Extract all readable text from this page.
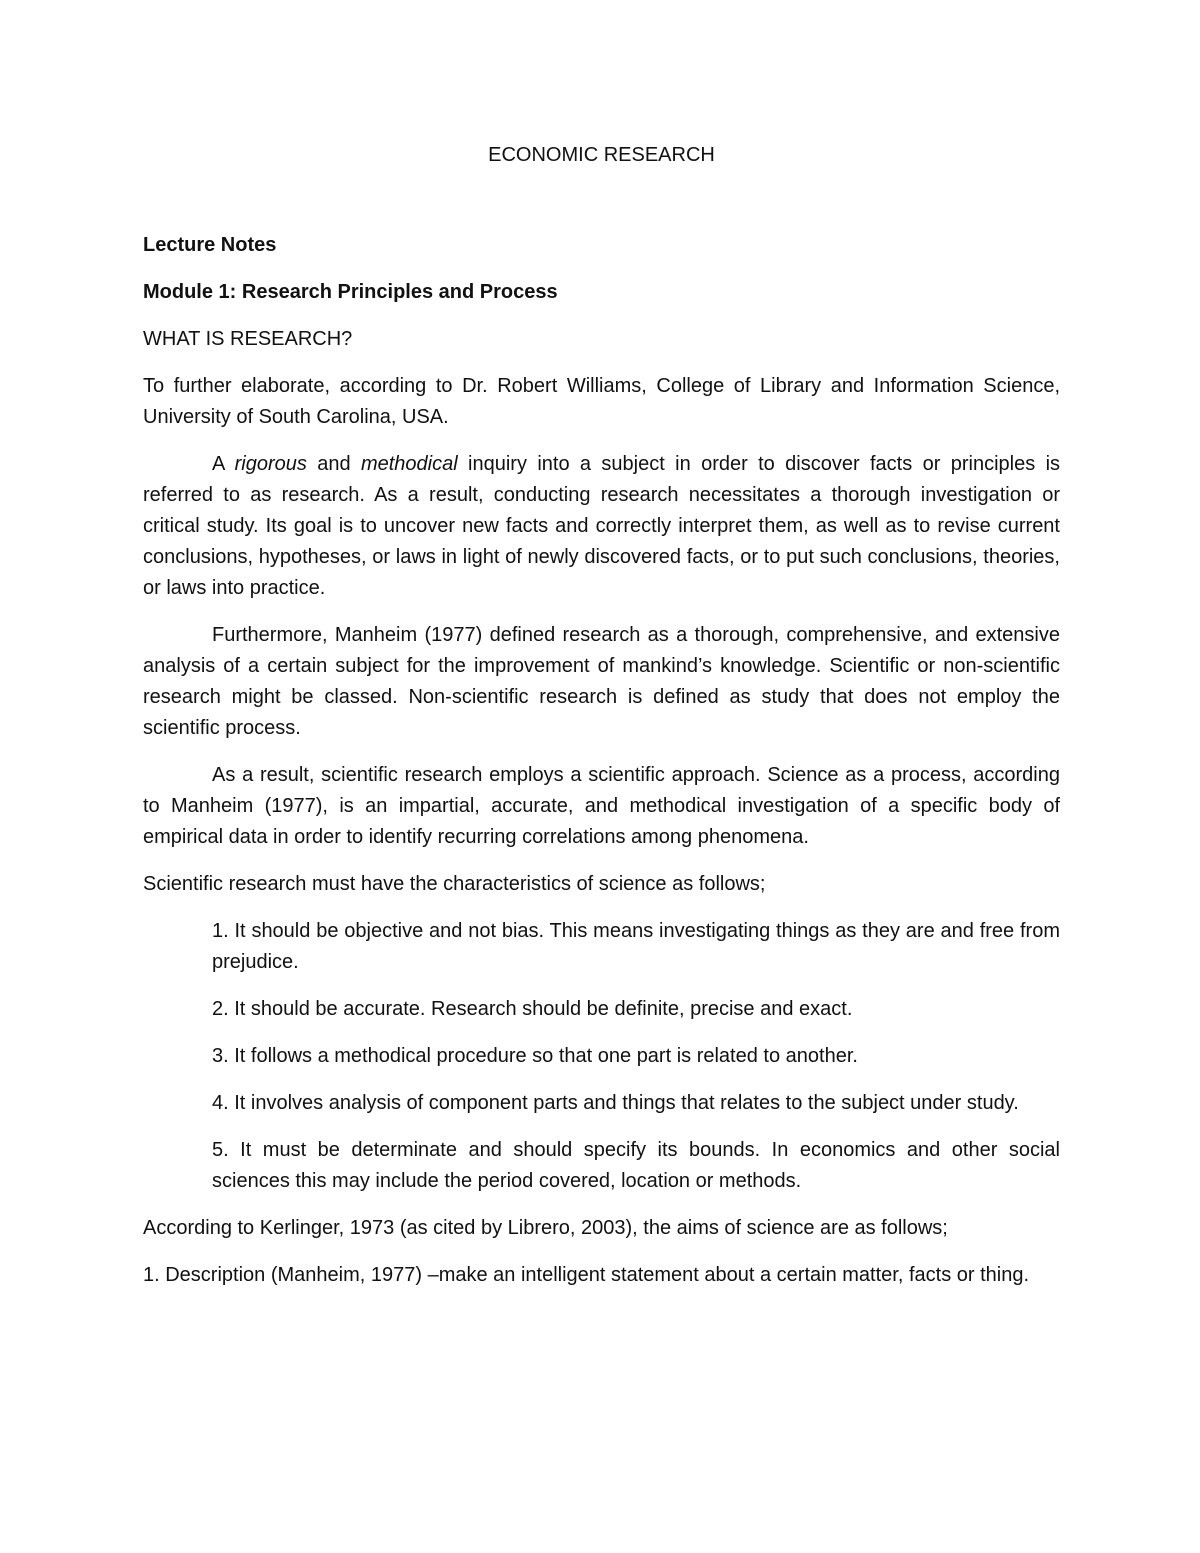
ECONOMIC RESEARCH
Lecture Notes
Module 1: Research Principles and Process
WHAT IS RESEARCH?

To further elaborate, according to Dr. Robert Williams, College of Library and Information Science, University of South Carolina, USA.

A rigorous and methodical inquiry into a subject in order to discover facts or principles is referred to as research. As a result, conducting research necessitates a thorough investigation or critical study. Its goal is to uncover new facts and correctly interpret them, as well as to revise current conclusions, hypotheses, or laws in light of newly discovered facts, or to put such conclusions, theories, or laws into practice.

Furthermore, Manheim (1977) defined research as a thorough, comprehensive, and extensive analysis of a certain subject for the improvement of mankind’s knowledge. Scientific or non-scientific research might be classed. Non-scientific research is defined as study that does not employ the scientific process.

As a result, scientific research employs a scientific approach. Science as a process, according to Manheim (1977), is an impartial, accurate, and methodical investigation of a specific body of empirical data in order to identify recurring correlations among phenomena.

Scientific research must have the characteristics of science as follows;

1. It should be objective and not bias. This means investigating things as they are and free from prejudice.

2. It should be accurate. Research should be definite, precise and exact.

3. It follows a methodical procedure so that one part is related to another.

4. It involves analysis of component parts and things that relates to the subject under study.

5. It must be determinate and should specify its bounds. In economics and other social sciences this may include the period covered, location or methods.

According to Kerlinger, 1973 (as cited by Librero, 2003), the aims of science are as follows;

1. Description (Manheim, 1977) –make an intelligent statement about a certain matter, facts or thing.
